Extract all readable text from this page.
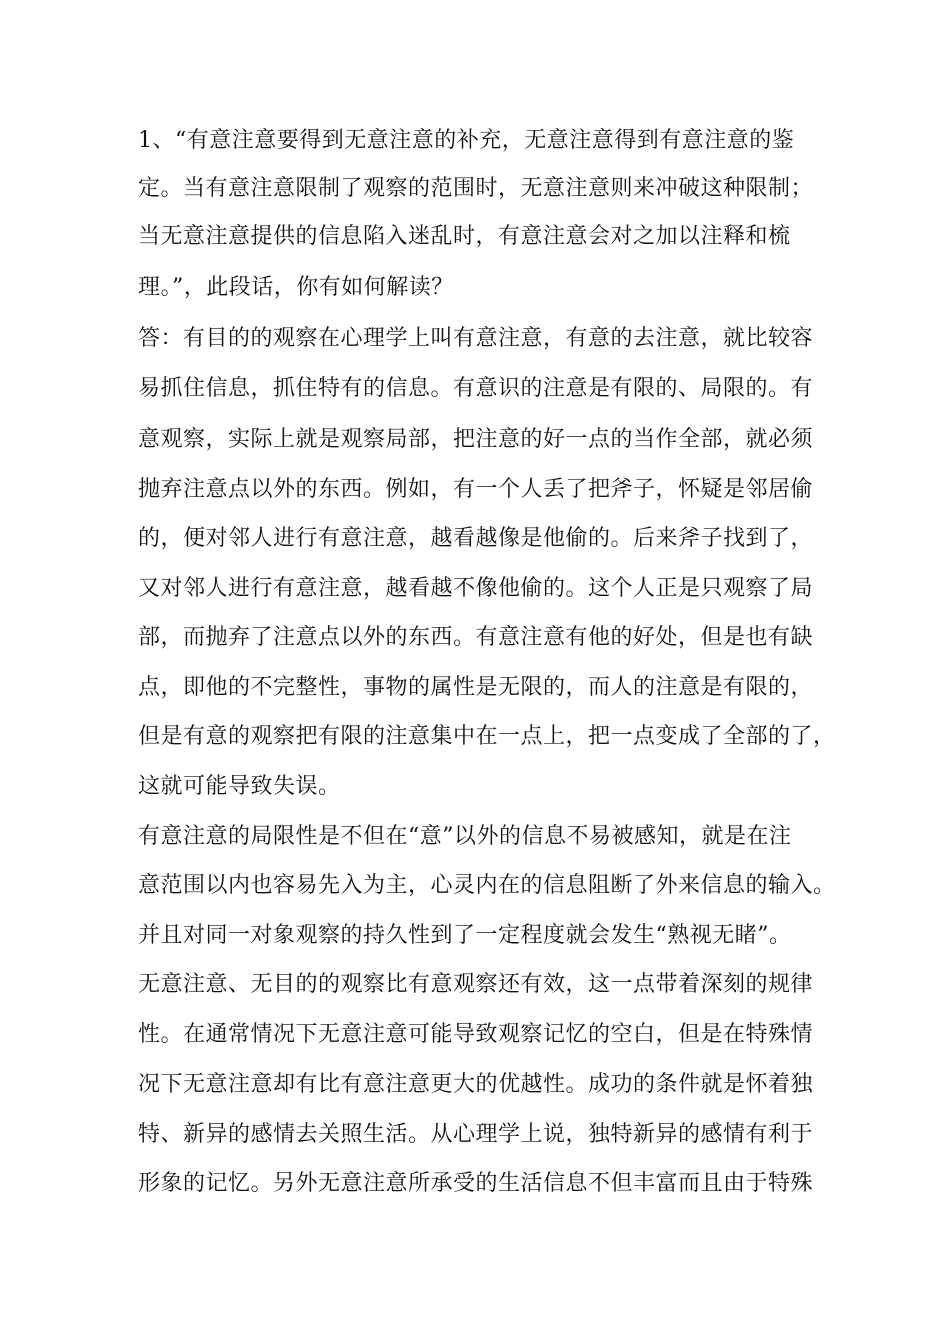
1、“有意注意要得到无意注意的补充，无意注意得到有意注意的鉴
定。当有意注意限制了观察的范围时，无意注意则来冲破这种限制；
当无意注意提供的信息陷入迷乱时，有意注意会对之加以注释和梳
理。”，此段话，你有如何解读？
答：有目的的观察在心理学上叫有意注意，有意的去注意，就比较容
易抓住信息，抓住特有的信息。有意识的注意是有限的、局限的。有
意观察，实际上就是观察局部，把注意的好一点的当作全部，就必须
抛弃注意点以外的东西。例如，有一个人丢了把斧子，怀疑是邻居偷
的，便对邻人进行有意注意，越看越像是他偷的。后来斧子找到了，
又对邻人进行有意注意，越看越不像他偷的。这个人正是只观察了局
部，而抛弃了注意点以外的东西。有意注意有他的好处，但是也有缺
点，即他的不完整性，事物的属性是无限的，而人的注意是有限的，
但是有意的观察把有限的注意集中在一点上，把一点变成了全部的了，
这就可能导致失误。
有意注意的局限性是不但在“意”以外的信息不易被感知，就是在注
意范围以内也容易先入为主，心灵内在的信息阻断了外来信息的输入。
并且对同一对象观察的持久性到了一定程度就会发生“熟视无睹”。
无意注意、无目的的观察比有意观察还有效，这一点带着深刻的规律
性。在通常情况下无意注意可能导致观察记忆的空白，但是在特殊情
况下无意注意却有比有意注意更大的优越性。成功的条件就是怀着独
特、新异的感情去关照生活。从心理学上说，独特新异的感情有利于
形象的记忆。另外无意注意所承受的生活信息不但丰富而且由于特殊
